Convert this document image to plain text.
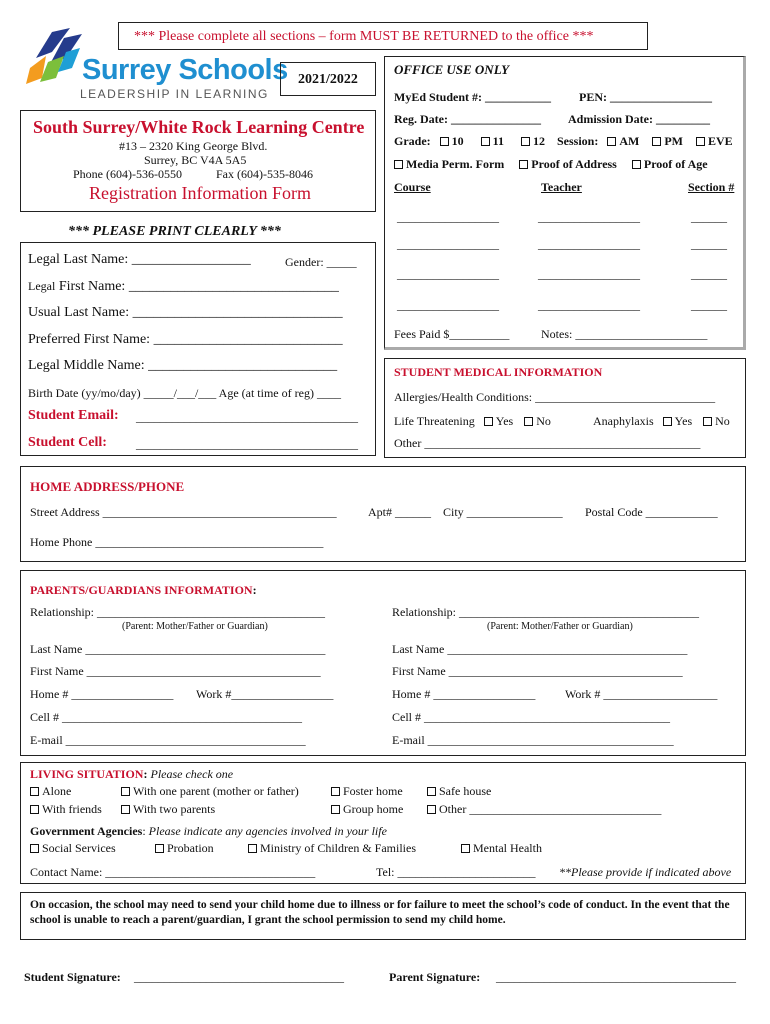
*** Please complete all sections – form MUST BE RETURNED to the office ***
Surrey Schools
LEADERSHIP IN LEARNING
2021/2022
South Surrey/White Rock Learning Centre
#13 – 2320 King George Blvd.
Surrey, BC V4A 5A5
Phone (604)-536-0550	Fax (604)-535-8046
Registration Information Form
*** PLEASE PRINT CLEARLY ***
Legal Last Name: _________________	Gender: _____
Legal First Name: ______________________________
Usual Last Name: ______________________________
Preferred First Name: ___________________________
Legal Middle Name: ___________________________
Birth Date (yy/mo/day) _____/___/___ Age (at time of reg) ____
Student Email: _____________________________________
Student Cell: _____________________________________
OFFICE USE ONLY
MyEd Student #: ___________ PEN: _________________
Reg. Date: _______________ Admission Date: _________
Grade: 10 11 12 Session: AM PM EVE
Media Perm. Form Proof of Address Proof of Age
Course	Teacher	Section #
_________________	_________________	______
_________________	_________________	______
_________________	_________________	______
_________________	_________________	______
Fees Paid $__________	Notes: ______________________
STUDENT MEDICAL INFORMATION
Allergies/Health Conditions: ______________________________
Life Threatening Yes No	Anaphylaxis Yes No
Other ______________________________________________
HOME ADDRESS/PHONE
Street Address _______________________________________	Apt# ______ City ________________ Postal Code ____________
Home Phone ______________________________________
PARENTS/GUARDIANS INFORMATION:
Relationship: ______________________________________
(Parent: Mother/Father or Guardian)
Relationship: ________________________________________
(Parent: Mother/Father or Guardian)
Last Name ________________________________________	Last Name ________________________________________
First Name _______________________________________	First Name _______________________________________
Home # _________________ Work #_________________	Home # _________________ Work # ___________________
Cell # ________________________________________	Cell # _________________________________________
E-mail ________________________________________	E-mail _________________________________________
LIVING SITUATION: Please check one
Alone	With one parent (mother or father)	Foster home	Safe house
With friends	With two parents	Group home	Other ________________________________
Government Agencies: Please indicate any agencies involved in your life
Social Services	Probation	Ministry of Children & Families	Mental Health
Contact Name: ___________________________________	Tel: _______________________ **Please provide if indicated above
On occasion, the school may need to send your child home due to illness or for failure to meet the school’s code of conduct. In the event that the school is unable to reach a parent/guardian, I grant the school permission to send my child home.
Student Signature: ___________________________________	Parent Signature: ________________________________________
